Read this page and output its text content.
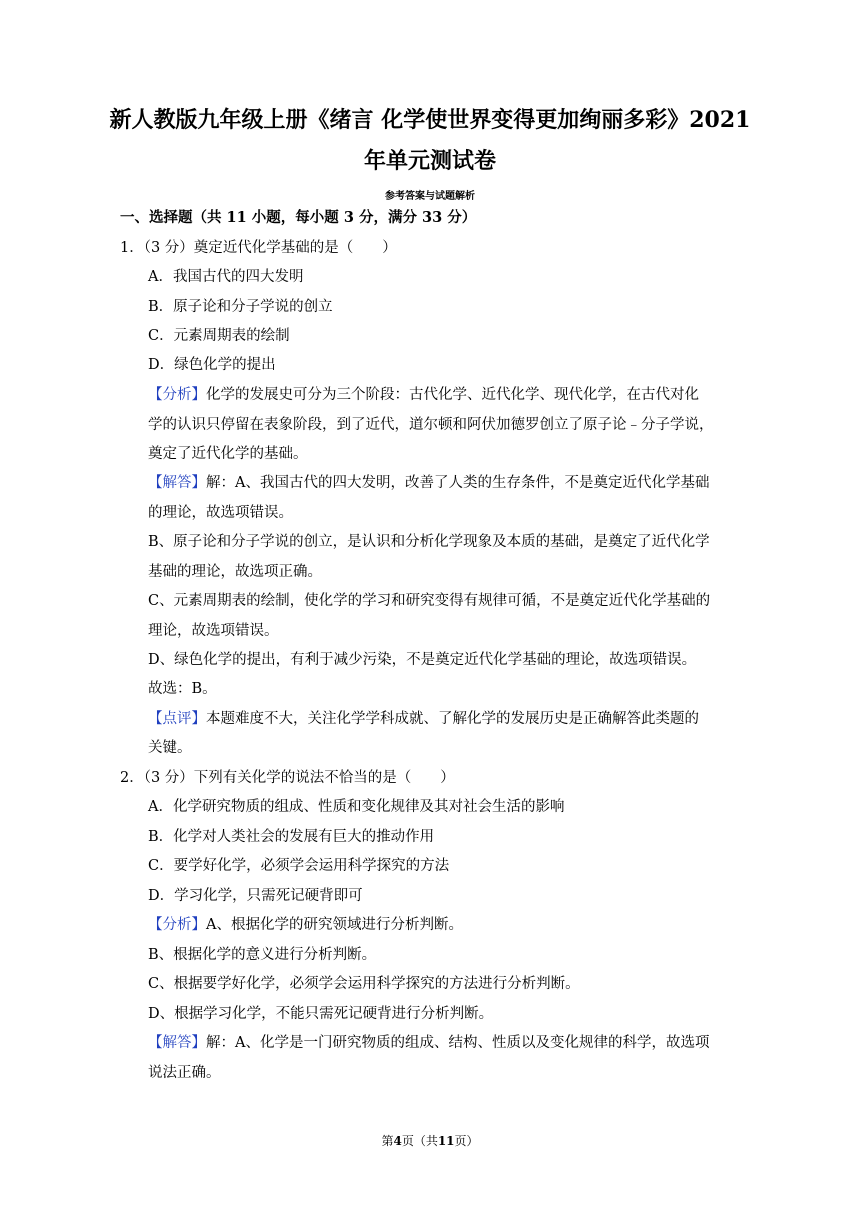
新人教版九年级上册《绪言 化学使世界变得更加绚丽多彩》2021
年单元测试卷
参考答案与试题解析
一、选择题（共 11 小题，每小题 3 分，满分 33 分）
1．（3 分）奠定近代化学基础的是（　　）
A．我国古代的四大发明
B．原子论和分子学说的创立
C．元素周期表的绘制
D．绿色化学的提出
【分析】化学的发展史可分为三个阶段：古代化学、近代化学、现代化学，在古代对化
学的认识只停留在表象阶段，到了近代，道尔顿和阿伏加德罗创立了原子论﹣分子学说，
奠定了近代化学的基础。
【解答】解：A、我国古代的四大发明，改善了人类的生存条件，不是奠定近代化学基础
的理论，故选项错误。
B、原子论和分子学说的创立，是认识和分析化学现象及本质的基础，是奠定了近代化学
基础的理论，故选项正确。
C、元素周期表的绘制，使化学的学习和研究变得有规律可循，不是奠定近代化学基础的
理论，故选项错误。
D、绿色化学的提出，有利于减少污染，不是奠定近代化学基础的理论，故选项错误。
故选：B。
【点评】本题难度不大，关注化学学科成就、了解化学的发展历史是正确解答此类题的
关键。
2．（3 分）下列有关化学的说法不恰当的是（　　）
A．化学研究物质的组成、性质和变化规律及其对社会生活的影响
B．化学对人类社会的发展有巨大的推动作用
C．要学好化学，必须学会运用科学探究的方法
D．学习化学，只需死记硬背即可
【分析】A、根据化学的研究领域进行分析判断。
B、根据化学的意义进行分析判断。
C、根据要学好化学，必须学会运用科学探究的方法进行分析判断。
D、根据学习化学，不能只需死记硬背进行分析判断。
【解答】解：A、化学是一门研究物质的组成、结构、性质以及变化规律的科学，故选项
说法正确。
第4页（共11页）
